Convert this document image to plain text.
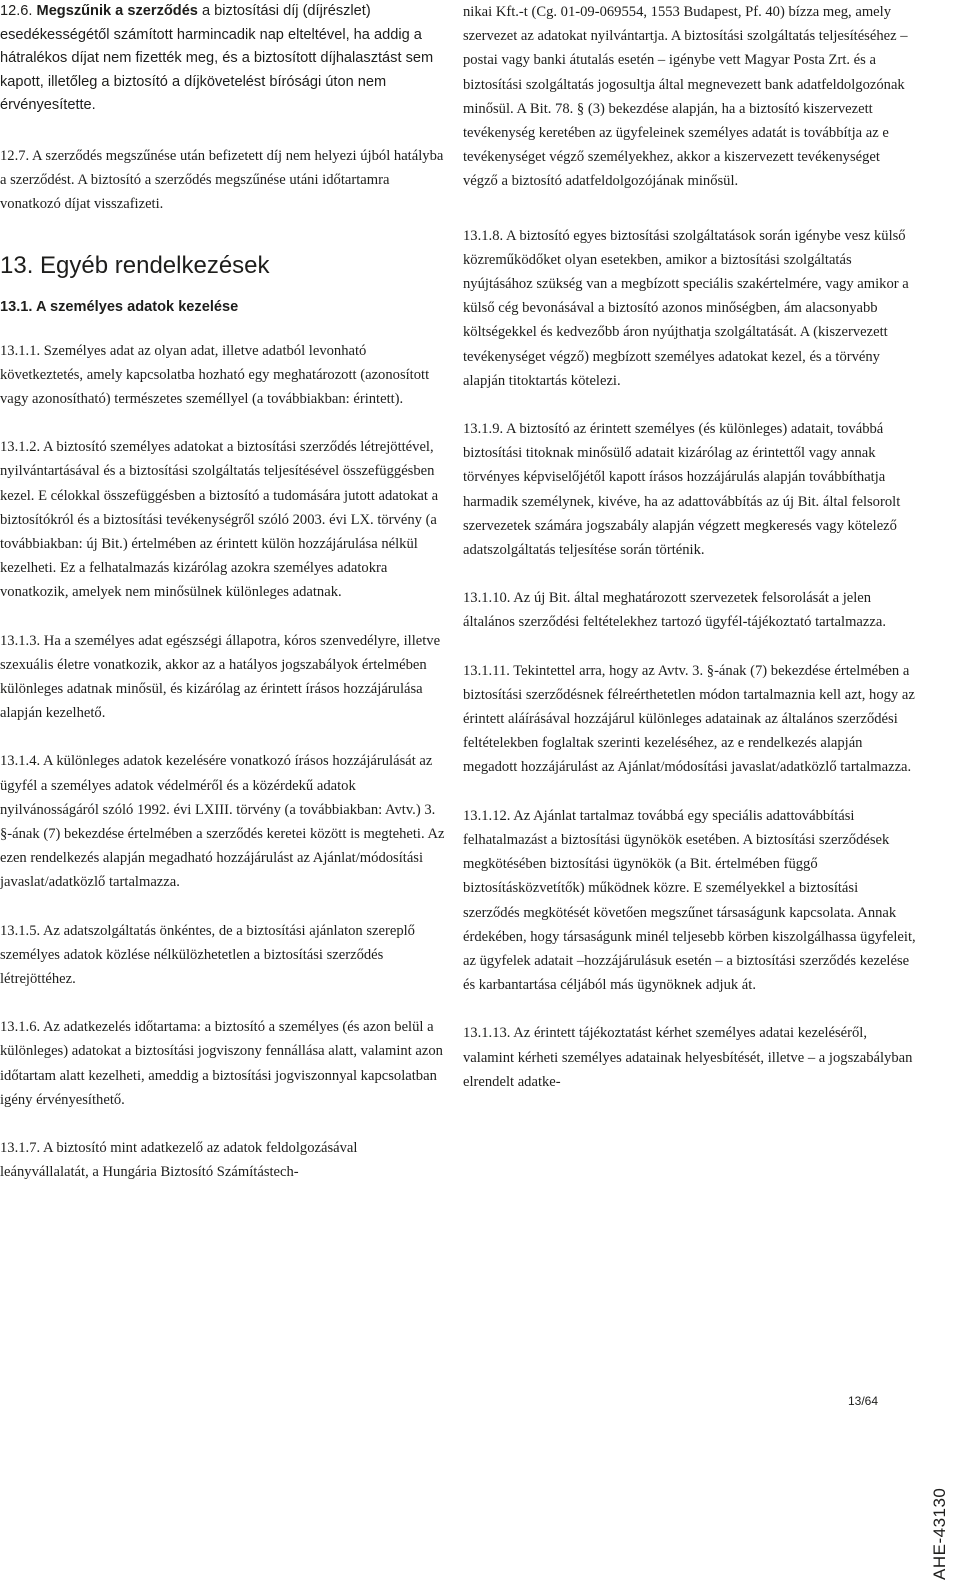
12.6. Megszűnik a szerződés a biztosítási díj (díjrészlet) esedékességétől számított harmincadik nap elteltével, ha addig a hátralékos díjat nem fizették meg, és a biztosított díjhalasztást sem kapott, illetőleg a biztosító a díjkövetelést bírósági úton nem érvényesítette.

12.7. A szerződés megszűnése után befizetett díj nem helyezi újból hatályba a szerződést. A biztosító a szerződés megszűnése utáni időtartamra vonatkozó díjat visszafizeti.

13. Egyéb rendelkezések
13.1. A személyes adatok kezelése

13.1.1. Személyes adat az olyan adat, illetve adatból levonható következtetés, amely kapcsolatba hozható egy meghatározott (azonosított vagy azonosítható) természetes személlyel (a továbbiakban: érintett).

13.1.2. A biztosító személyes adatokat a biztosítási szerződés létrejöttével, nyilvántartásával és a biztosítási szolgáltatás teljesítésével összefüggésben kezel. E célokkal összefüggésben a biztosító a tudomására jutott adatokat a biztosítókról és a biztosítási tevékenységről szóló 2003. évi LX. törvény (a továbbiakban: új Bit.) értelmében az érintett külön hozzájárulása nélkül kezelheti. Ez a felhatalmazás kizárólag azokra személyes adatokra vonatkozik, amelyek nem minősülnek különleges adatnak.

13.1.3. Ha a személyes adat egészségi állapotra, kóros szenvedélyre, illetve szexuális életre vonatkozik, akkor az a hatályos jogszabályok értelmében különleges adatnak minősül, és kizárólag az érintett írásos hozzájárulása alapján kezelhető.

13.1.4. A különleges adatok kezelésére vonatkozó írásos hozzájárulását az ügyfél a személyes adatok védelméről és a közérdekű adatok nyilvánosságáról szóló 1992. évi LXIII. törvény (a továbbiakban: Avtv.) 3. §-ának (7) bekezdése értelmében a szerződés keretei között is megteheti. Az ezen rendelkezés alapján megadható hozzájárulást az Ajánlat/módosítási javaslat/adatközlő tartalmazza.

13.1.5. Az adatszolgáltatás önkéntes, de a biztosítási ajánlaton szereplő személyes adatok közlése nélkülözhetetlen a biztosítási szerződés létrejöttéhez.

13.1.6. Az adatkezelés időtartama: a biztosító a személyes (és azon belül a különleges) adatokat a biztosítási jogviszony fennállása alatt, valamint azon időtartam alatt kezelheti, ameddig a biztosítási jogviszonnyal kapcsolatban igény érvényesíthető.

13.1.7. A biztosító mint adatkezelő az adatok feldolgozásával leányvállalatát, a Hungária Biztosító Számítástech-

nikai Kft.-t (Cg. 01-09-069554, 1553 Budapest, Pf. 40) bízza meg, amely szervezet az adatokat nyilvántartja. A biztosítási szolgáltatás teljesítéséhez – postai vagy banki átutalás esetén – igénybe vett Magyar Posta Zrt. és a biztosítási szolgáltatás jogosultja által megnevezett bank adatfeldolgozónak minősül. A Bit. 78. § (3) bekezdése alapján, ha a biztosító kiszervezett tevékenység keretében az ügyfeleinek személyes adatát is továbbítja az e tevékenységet végző személyekhez, akkor a kiszervezett tevékenységet végző a biztosító adatfeldolgozójának minősül.

13.1.8. A biztosító egyes biztosítási szolgáltatások során igénybe vesz külső közreműködőket olyan esetekben, amikor a biztosítási szolgáltatás nyújtásához szükség van a megbízott speciális szakértelmére, vagy amikor a külső cég bevonásával a biztosító azonos minőségben, ám alacsonyabb költségekkel és kedvezőbb áron nyújthatja szolgáltatását. A (kiszervezett tevékenységet végző) megbízott személyes adatokat kezel, és a törvény alapján titoktartás kötelezi.

13.1.9. A biztosító az érintett személyes (és különleges) adatait, továbbá biztosítási titoknak minősülő adatait kizárólag az érintettől vagy annak törvényes képviselőjétől kapott írásos hozzájárulás alapján továbbíthatja harmadik személynek, kivéve, ha az adattovábbítás az új Bit. által felsorolt szervezetek számára jogszabály alapján végzett megkeresés vagy kötelező adatszolgáltatás teljesítése során történik.

13.1.10. Az új Bit. által meghatározott szervezetek felsorolását a jelen általános szerződési feltételekhez tartozó ügyfél-tájékoztató tartalmazza.

13.1.11. Tekintettel arra, hogy az Avtv. 3. §-ának (7) bekezdése értelmében a biztosítási szerződésnek félreérthetetlen módon tartalmaznia kell azt, hogy az érintett aláírásával hozzájárul különleges adatainak az általános szerződési feltételekben foglaltak szerinti kezeléséhez, az e rendelkezés alapján megadott hozzájárulást az Ajánlat/módosítási javaslat/adatközlő tartalmazza.

13.1.12. Az Ajánlat tartalmaz továbbá egy speciális adattovábbítási felhatalmazást a biztosítási ügynökök esetében. A biztosítási szerződések megkötésében biztosítási ügynökök (a Bit. értelmében függő biztosításközvetítők) működnek közre. E személyekkel a biztosítási szerződés megkötését követően megszűnet társaságunk kapcsolata. Annak érdekében, hogy társaságunk minél teljesebb körben kiszolgálhassa ügyfeleit, az ügyfelek adatait –hozzájárulásuk esetén – a biztosítási szerződés kezelése és karbantartása céljából más ügynöknek adjuk át.

13.1.13. Az érintett tájékoztatást kérhet személyes adatai kezeléséről, valamint kérheti személyes adatainak helyesbítését, illetve – a jogszabályban elrendelt adatke-

AHE-43130
13/64
